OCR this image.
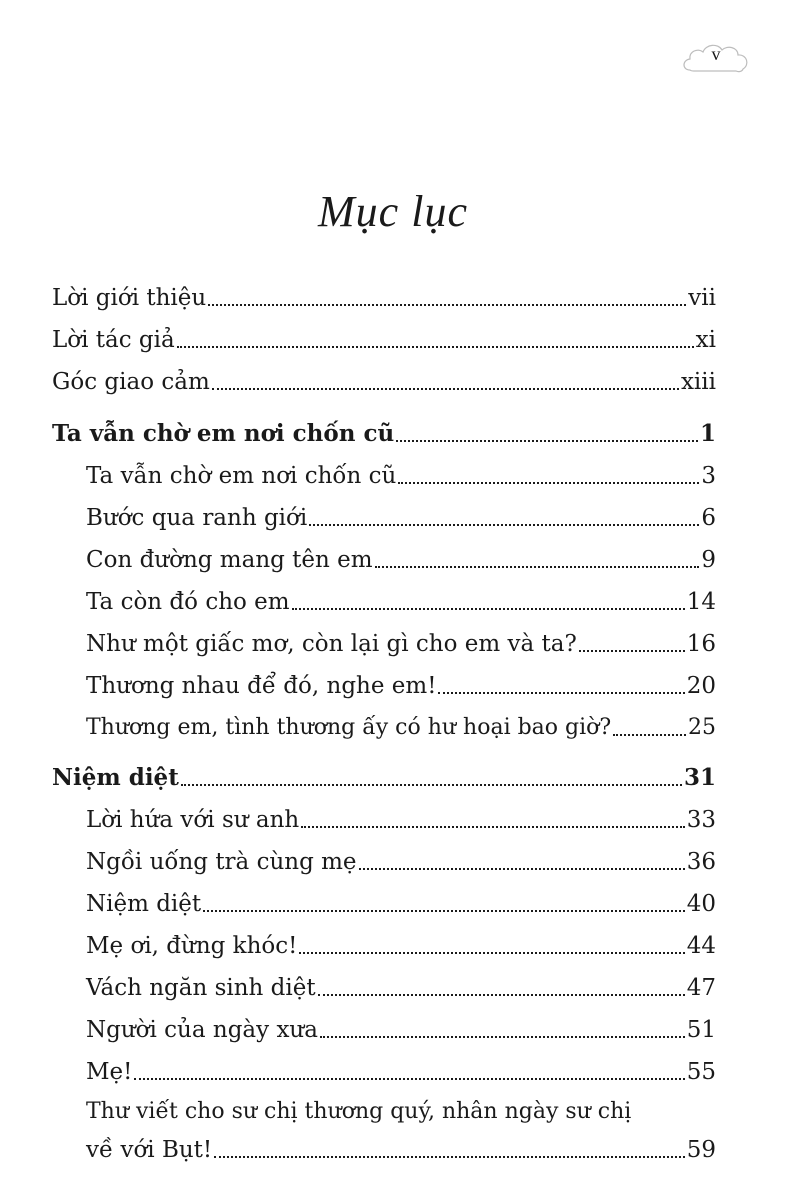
v
Mục lục
Lời giới thiệu	vii
Lời tác giả	xi
Góc giao cảm	xiii
Ta vẫn chờ em nơi chốn cũ	1
Ta vẫn chờ em nơi chốn cũ	3
Bước qua ranh giới	6
Con đường mang tên em	9
Ta còn đó cho em	14
Như một giấc mơ, còn lại gì cho em và ta?	16
Thương nhau để đó, nghe em!	20
Thương em, tình thương ấy có hư hoại bao giờ?	25
Niệm diệt	31
Lời hứa với sư anh	33
Ngồi uống trà cùng mẹ	36
Niệm diệt	40
Mẹ ơi, đừng khóc!	44
Vách ngăn sinh diệt	47
Người của ngày xưa	51
Mẹ!	55
Thư viết cho sư chị thương quý, nhân ngày sư chị
về với Bụt!	59
